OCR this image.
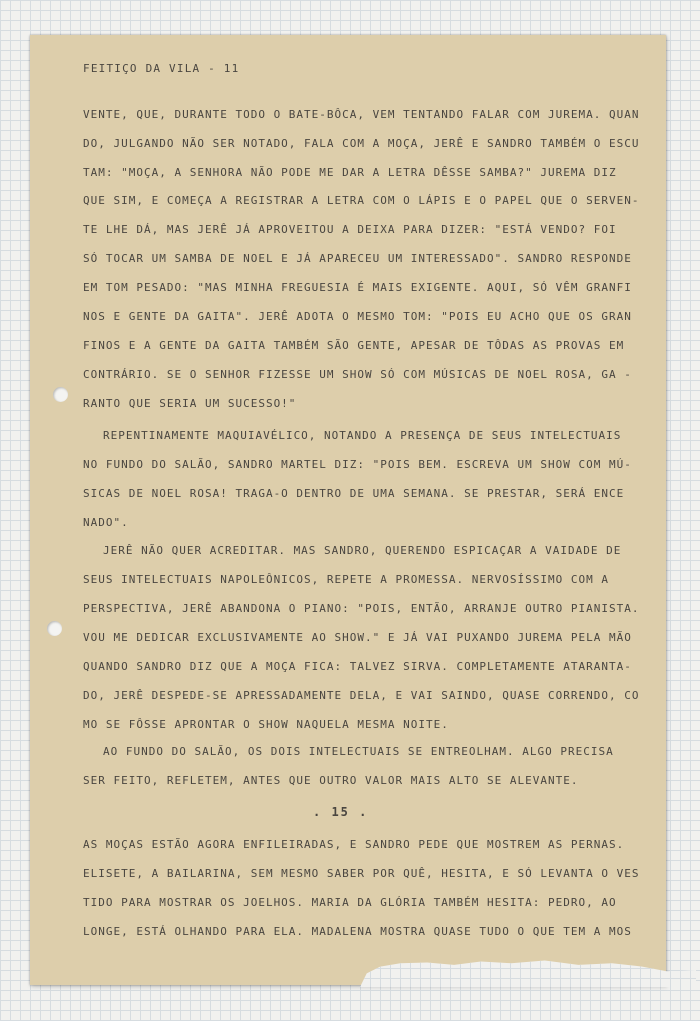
FEITIÇO DA VILA - 11
VENTE, QUE, DURANTE TODO O BATE-BÔCA, VEM TENTANDO FALAR COM JUREMA. QUAN
DO, JULGANDO NÃO SER NOTADO, FALA COM A MOÇA, JERÊ E SANDRO TAMBÉM O ESCU
TAM: "MOÇA, A SENHORA NÃO PODE ME DAR A LETRA DÊSSE SAMBA?" JUREMA DIZ
QUE SIM, E COMEÇA A REGISTRAR A LETRA COM O LÁPIS E O PAPEL QUE O SERVEN-
TE LHE DÁ, MAS JERÊ JÁ APROVEITOU A DEIXA PARA DIZER: "ESTÁ VENDO? FOI
SÓ TOCAR UM SAMBA DE NOEL E JÁ APARECEU UM INTERESSADO". SANDRO RESPONDE
EM TOM PESADO: "MAS MINHA FREGUESIA É MAIS EXIGENTE. AQUI, SÓ VÊM GRANFI
NOS E GENTE DA GAITA". JERÊ ADOTA O MESMO TOM: "POIS EU ACHO QUE OS GRAN
FINOS E A GENTE DA GAITA TAMBÉM SÃO GENTE, APESAR DE TÔDAS AS PROVAS EM
CONTRÁRIO. SE O SENHOR FIZESSE UM SHOW SÓ COM MÚSICAS DE NOEL ROSA, GA -
RANTO QUE SERIA UM SUCESSO!"
REPENTINAMENTE MAQUIAVÉLICO, NOTANDO A PRESENÇA DE SEUS INTELECTUAIS
NO FUNDO DO SALÃO, SANDRO MARTEL DIZ: "POIS BEM. ESCREVA UM SHOW COM MÚ-
SICAS DE NOEL ROSA! TRAGA-O DENTRO DE UMA SEMANA. SE PRESTAR, SERÁ ENCE
NADO".
JERÊ NÃO QUER ACREDITAR. MAS SANDRO, QUERENDO ESPICAÇAR A VAIDADE DE
SEUS INTELECTUAIS NAPOLEÔNICOS, REPETE A PROMESSA. NERVOSÍSSIMO COM A
PERSPECTIVA, JERÊ ABANDONA O PIANO: "POIS, ENTÃO, ARRANJE OUTRO PIANISTA.
VOU ME DEDICAR EXCLUSIVAMENTE AO SHOW." E JÁ VAI PUXANDO JUREMA PELA MÃO
QUANDO SANDRO DIZ QUE A MOÇA FICA: TALVEZ SIRVA. COMPLETAMENTE ATARANTA-
DO, JERÊ DESPEDE-SE APRESSADAMENTE DELA, E VAI SAINDO, QUASE CORRENDO, CO
MO SE FÔSSE APRONTAR O SHOW NAQUELA MESMA NOITE.
AO FUNDO DO SALÃO, OS DOIS INTELECTUAIS SE ENTREOLHAM. ALGO PRECISA
SER FEITO, REFLETEM, ANTES QUE OUTRO VALOR MAIS ALTO SE ALEVANTE.
AS MOÇAS ESTÃO AGORA ENFILEIRADAS, E SANDRO PEDE QUE MOSTREM AS PERNAS.
ELISETE, A BAILARINA, SEM MESMO SABER POR QUÊ, HESITA, E SÓ LEVANTA O VES
TIDO PARA MOSTRAR OS JOELHOS. MARIA DA GLÓRIA TAMBÉM HESITA: PEDRO, AO
LONGE, ESTÁ OLHANDO PARA ELA. MADALENA MOSTRA QUASE TUDO O QUE TEM A MOS
. 15 .
